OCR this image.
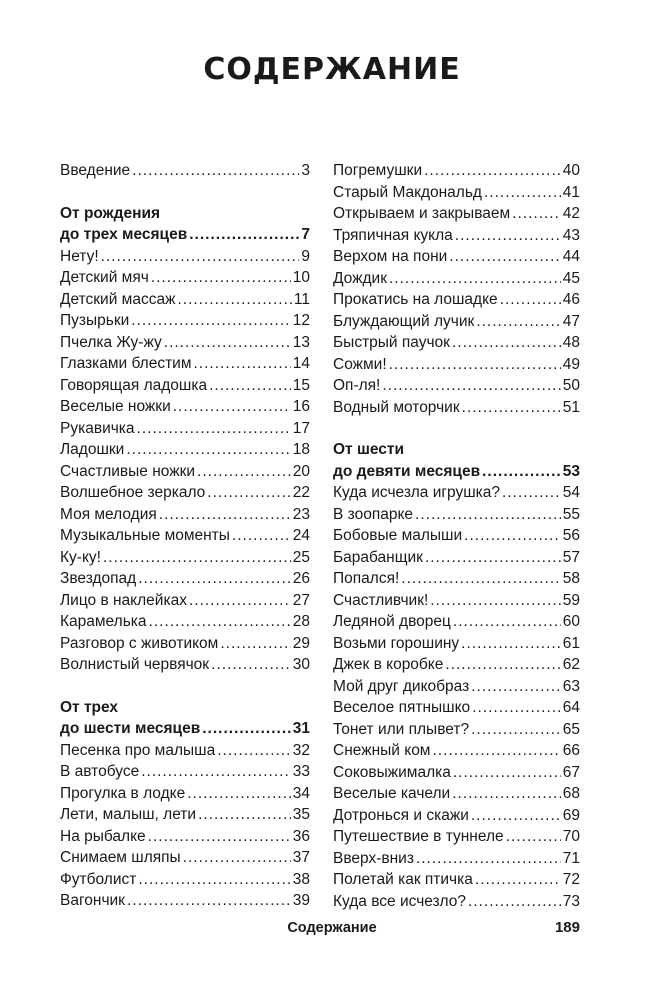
СОДЕРЖАНИЕ
Введение .....	3
От рождения
до трех месяцев .....	7
Нету! .....	9
Детский мяч .....	10
Детский массаж .....	11
Пузырьки .....	12
Пчелка Жу-жу .....	13
Глазками блестим .....	14
Говорящая ладошка .....	15
Веселые ножки .....	16
Рукавичка .....	17
Ладошки .....	18
Счастливые ножки .....	20
Волшебное зеркало .....	22
Моя мелодия .....	23
Музыкальные моменты .....	24
Ку-ку! .....	25
Звездопад .....	26
Лицо в наклейках .....	27
Карамелька .....	28
Разговор с животиком .....	29
Волнистый червячок .....	30
От трех
до шести месяцев .....	31
Песенка про малыша .....	32
В автобусе .....	33
Прогулка в лодке .....	34
Лети, малыш, лети .....	35
На рыбалке .....	36
Снимаем шляпы .....	37
Футболист .....	38
Вагончик .....	39
Погремушки .....	40
Старый Макдональд .....	41
Открываем и закрываем .....	42
Тряпичная кукла .....	43
Верхом на пони .....	44
Дождик .....	45
Прокатись на лошадке .....	46
Блуждающий лучик .....	47
Быстрый паучок .....	48
Сожми! .....	49
Оп-ля! .....	50
Водный моторчик .....	51
От шести
до девяти месяцев .....	53
Куда исчезла игрушка? .....	54
В зоопарке .....	55
Бобовые малыши .....	56
Барабанщик .....	57
Попался! .....	58
Счастливчик! .....	59
Ледяной дворец .....	60
Возьми горошину .....	61
Джек в коробке .....	62
Мой друг дикобраз .....	63
Веселое пятнышко .....	64
Тонет или плывет? .....	65
Снежный ком .....	66
Соковыжималка .....	67
Веселые качели .....	68
Дотронься и скажи .....	69
Путешествие в туннеле .....	70
Вверх-вниз .....	71
Полетай как птичка .....	72
Куда все исчезло? .....	73
Содержание	189
